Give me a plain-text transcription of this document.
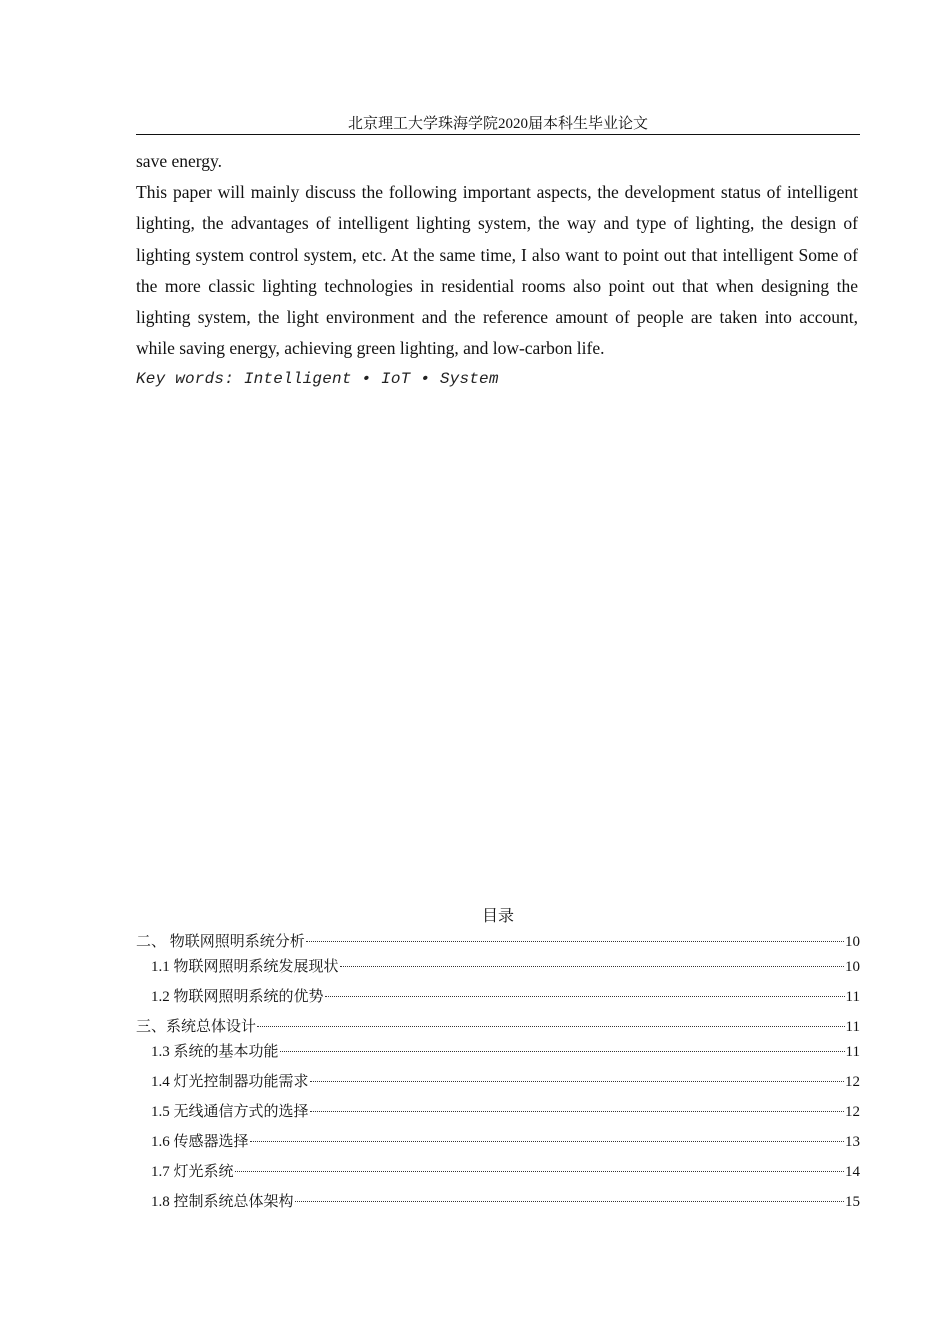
北京理工大学珠海学院2020届本科生毕业论文

save energy.

This paper will mainly discuss the following important aspects, the development status of intelligent lighting, the advantages of intelligent lighting system, the way and type of lighting, the design of lighting system control system, etc. At the same time, I also want to point out that intelligent Some of the more classic lighting technologies in residential rooms also point out that when designing the lighting system, the light environment and the reference amount of people are taken into account, while saving energy, achieving green lighting, and low-carbon life.

Key words: Intelligent • IoT • System

目录
二、 物联网照明系统分析	10
1.1 物联网照明系统发展现状	10
1.2 物联网照明系统的优势	11
三、系统总体设计	11
1.3 系统的基本功能	11
1.4 灯光控制器功能需求	12
1.5 无线通信方式的选择	12
1.6 传感器选择	13
1.7 灯光系统	14
1.8 控制系统总体架构	15
